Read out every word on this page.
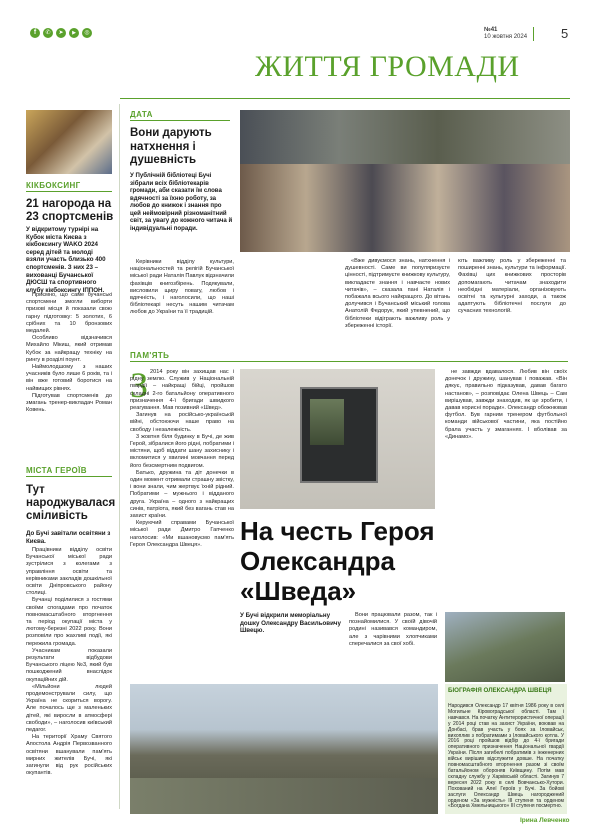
f	✆	➤	▶	◎	№41
10 жовтня 2024	5
ЖИТТЯ ГРОМАДИ
КІКБОКСИНГ
21 нагорода на 23 спортсменів
У відкритому турнірі на Кубок міста Києва з кікбоксингу WAKO 2024 серед дітей та молоді взяли участь близько 400 спортсменів. З них 23 – вихованці Бучанської ДЮСШ та спортивного клубу кікбоксингу ІППОН.

Приємно, що саме бучанські спортсмени змогли виборти призові місця й показали свою гарну підготовку: 5 золотих, 6 срібних та 10 бронзових медалей.

Особливо відзначився Михайло Мікиш, який отримав Кубок за найкращу техніку на рингу в розділі поунт.

Наймолодшому з наших учасників було лише 6 років, та і він вже готовий боротися на найвищих рівнях.

Підготував спортсменів до змагань тренер-викладач Роман Ковень.

МІСТА ГЕРОЇВ
Тут народжувалася сміливість
До Бучі завітали освітяни з Києва.

Працівники відділу освіти Бучанської міської ради зустрілися з колегами з управління освіти та керівниками закладів дошкільної освіти Дніпровського району столиці.

Бучанці поділилися з гостями своїми спогадами про початок повномасштабного вторгнення та період окупації міста у лютому-березні 2022 року. Вони розповіли про жахливі події, які пережила громада.

Учасникам показали результати відбудови Бучанського ліцею №3, який був пошкоджений внаслідок окупаційних дій.

«Мільйони людей продемонстрували силу, що Україна не скориться ворогу. Але почалось ще з маленьких дітей, які виросли в атмосфері свободи», – наголосив київський педагог.

На території Храму Святого Апостола Андрія Первозванного освітяни вшанували пам'ять мирних жителів Бучі, які загинули від рук російських окупантів.

ДАТА
Вони дарують натхнення і душевність
У Публічній бібліотеці Бучі зібрали всіх бібліотекарів громади, аби сказати їм слова вдячності за їхню роботу, за любов до книжок і знання про цей неймовірний різноманітний світ, за увагу до кожного читача й індивідуальні поради.
Керівники відділу культури, національностей та релігій Бучанської міської ради Наталія Павлук відзначили фахівців книгозбірень. Подякували, висловили щиру повагу, любов і вдячність, і наголосили, що наші бібліотекарі несуть нашим читачам любов до України та її традицій.
«Вже дивуємося знань, натхнення і душевності. Саме ви популяризуєте цінності, підтримуєте книжкову культуру, викладаєте знання і навчаєте нових читачів», – сказала пані Наталія і побажала всього найкращого. До вітань долучився і Бучанський міський голова Анатолій Федорук, який упевнений, що бібліотеки відіграють важливу роль у збереженні історії.
ють важливу роль у збереженні та поширенні знань, культури та інформації. Фахівці цих книжкових просторів допомагають читачам знаходити необхідні матеріали, організовують освітні та культурні заходи, а також адаптують бібліотечні послуги до сучасних технологій.
ПАМ'ЯТЬ
З 2014 року він захищав нас і рідну землю. Служив у Національній гвардії – найкращі бійці, пройшов складні 2-го батальйону оперативного призначення 4-ї бригади швидкого реагування. Мав позивний «Швед».

Загинув на російсько-українській війні, обстоюючи наше право на свободу і незалежність.

3 жовтня біля будинку в Бучі, де жив Герой, зібралися його рідні, побратими і містяни, щоб віддати шану захиснику і вкломитися у хвилині мовчання перед його безсмертним подвигом.

Батько, дружина та діт донечки в один момент отримали страшну звістку, і вони знали, чим жертвує їхній рідний. Побратими – мужнього і відданого друга. Україна – одного з найкращих синів, патріота, який без вагань став на захист країни.

Керуючий справами Бучанської міської ради Дмитро Гапченко наголосив: «Ми вшановуємо пам'ять Героя Олександра Швеця».

не завжди вдавалося. Любив він своїх донечок і дружину, шанував і поважав. «Він дякує, правильно підказував, давав багато настанов», – розповідає Олена Швець – Сам вирішував, завжди знаходив, як це зробити, і давав корисні поради». Олександр обожнював футбол. Був гарним тренером футбольної команди військової частини, яка постійно брала участь у змаганнях. І вболівав за «Динамо».
На честь Героя Олександра «Шведа»
У Бучі відкрили меморіальну дошку Олександру Васильовичу Швецю.
Вони працювали разом, так і познайомилися. У своїй дівочій родині називався командиром, але з чарівними хлопчиками сперечалися за свої хобі.
БІОГРАФІЯ ОЛЕКСАНДРА ШВЕЦЯ
Народився Олександр 17 квітня 1986 року в селі Могильне Кіровоградської області. Там і навчався. На початку Антитерористичної операції у 2014 році став на захист України, воював на Донбасі, брав участь у боях за Іловайськ, вихоплив з побратимами з Іловайського котла. У 2016 році пройшов відбір до 4-ї бригади оперативного призначення Національної гвардії України. Після загибелі побратимів з інженерних військ вирішив відслужити довше. На початку повномасштабного вторгнення разом зі своїм батальйоном обороняв Київщину. Потім мав складну службу у Харківській області. Загинув 7 вересня 2022 року в селі Вовчансько-Хутори. Похований на Алеї Героїв у Бучі. За бойові заслуги Олександр Швець нагороджений орденом «За мужність» III ступеня та орденом «Богдана Хмельницького» III ступеня посмертно.
Ірина Левченко
